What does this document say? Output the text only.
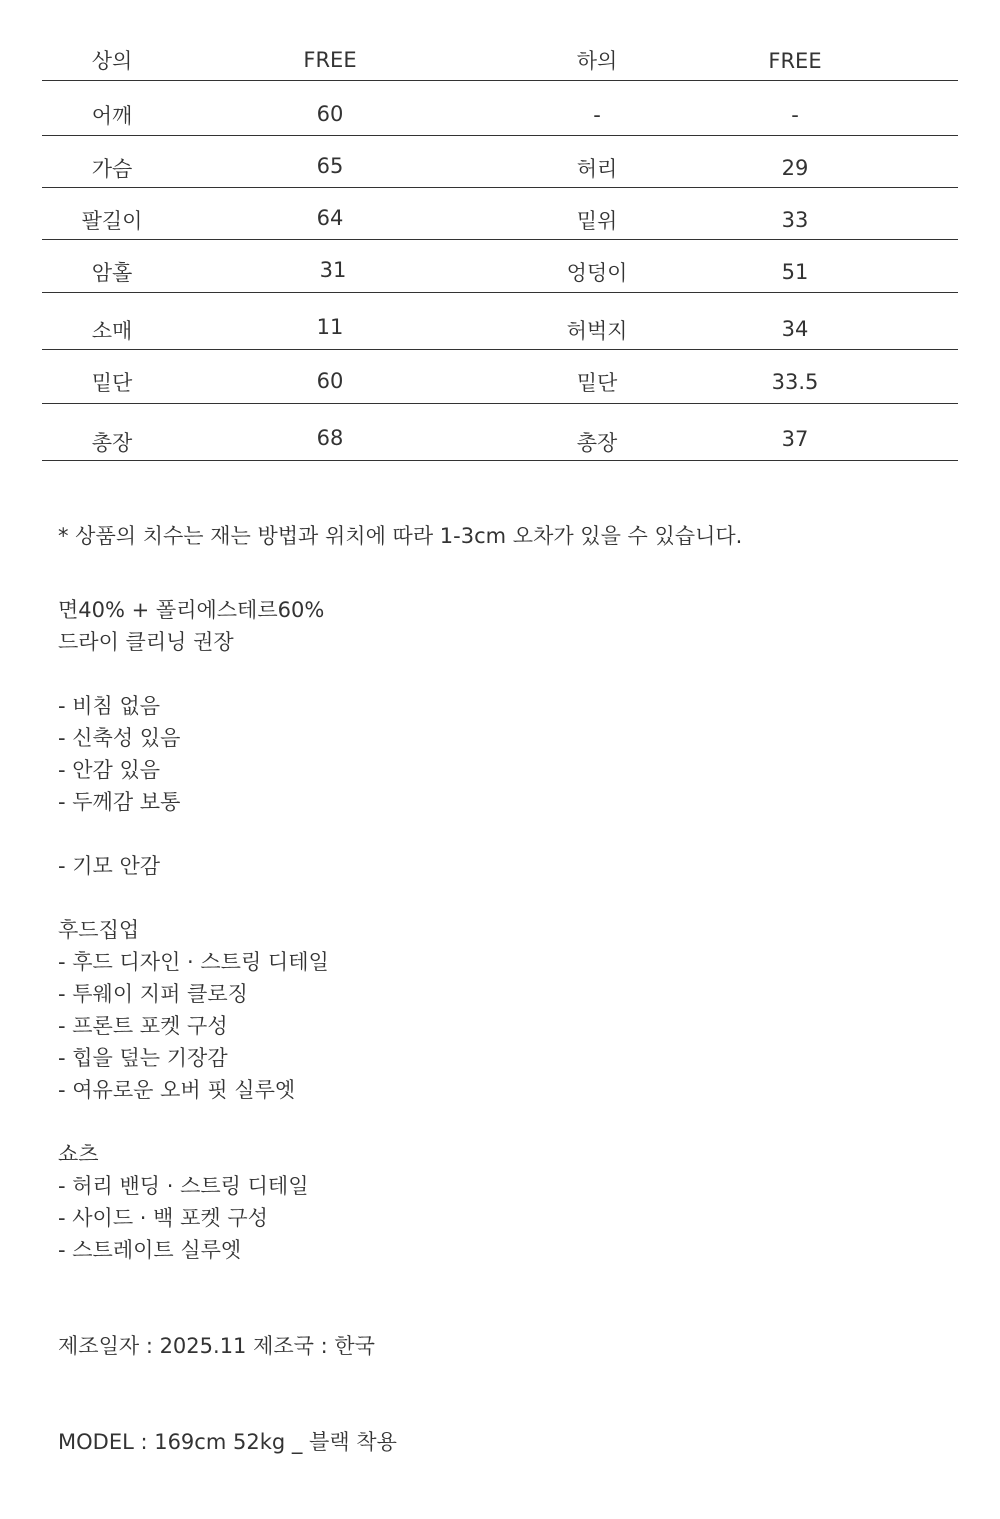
상의	FREE	하의	FREE
어깨	60	-	-
가슴	65	허리	29
팔길이	64	밑위	33
암홀	31	엉덩이	51
소매	11	허벅지	34
밑단	60	밑단	33.5
총장	68	총장	37
* 상품의 치수는 재는 방법과 위치에 따라 1-3cm 오차가 있을 수 있습니다.
면40% + 폴리에스테르60%
드라이 클리닝 권장
- 비침 없음
- 신축성 있음
- 안감 있음
- 두께감 보통
- 기모 안감
후드집업
- 후드 디자인 · 스트링 디테일
- 투웨이 지퍼 클로징
- 프론트 포켓 구성
- 힙을 덮는 기장감
- 여유로운 오버 핏 실루엣
쇼츠
- 허리 밴딩 · 스트링 디테일
- 사이드 · 백 포켓 구성
- 스트레이트 실루엣
제조일자 : 2025.11 제조국 : 한국
MODEL : 169cm 52kg _ 블랙 착용
